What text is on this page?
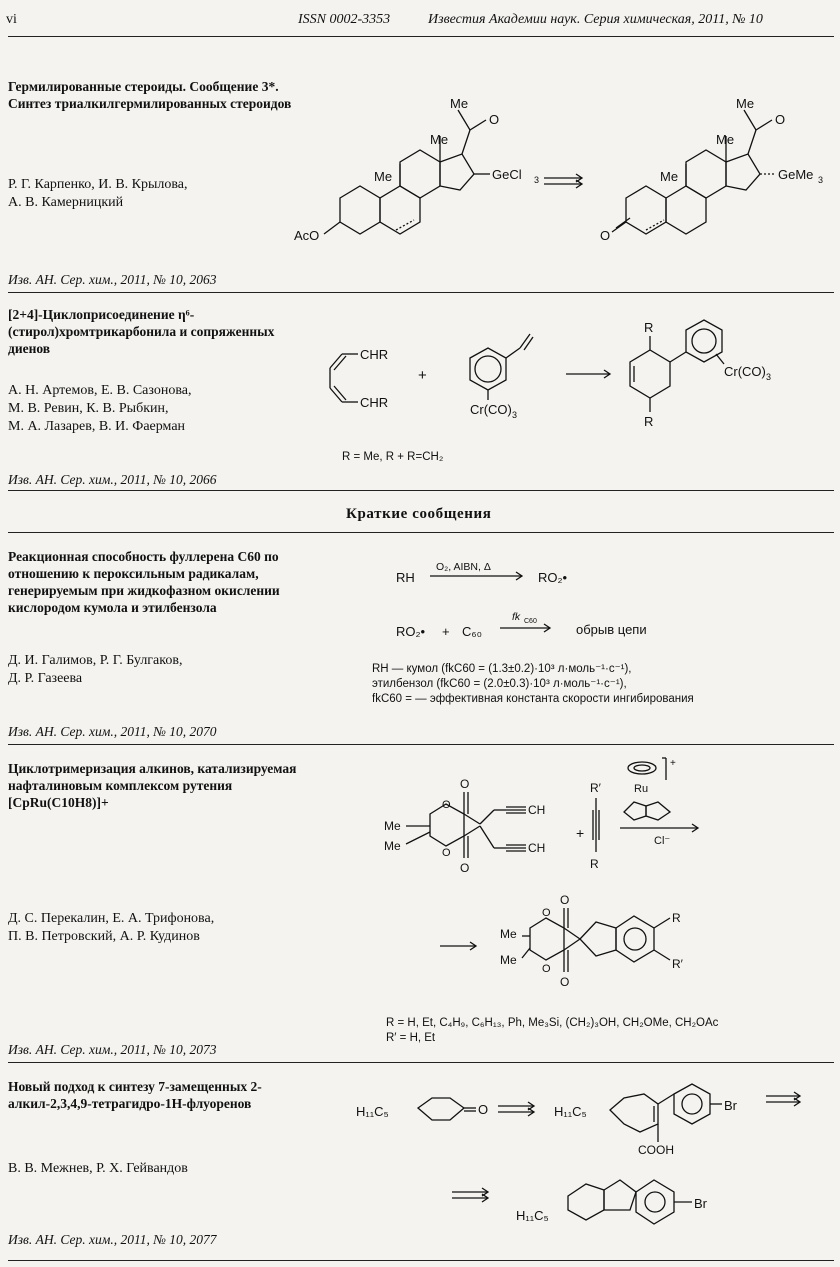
vi	ISSN 0002-3353	Известия Академии наук. Серия химическая, 2011, № 10
Гермилированные стероиды. Сообщение 3*. Синтез триалкилгермилированных стероидов
Р. Г. Карпенко, И. В. Крылова,
А. В. Камерницкий
Изв. АН. Сер. хим., 2011, № 10, 2063
Me
O
Me
Me	GeCl 3
AcO
Me
O
Me
Me	GeMe 3
O
[2+4]-Циклоприсоединение η⁶-(стирол)хромтрикарбонила и сопряженных диенов
А. Н. Артемов, Е. В. Сазонова,
М. В. Ревин, К. В. Рыбкин,
М. А. Лазарев, В. И. Фаерман
Изв. АН. Сер. хим., 2011, № 10, 2066
CHR
CHR
+
Cr(CO) 3
R
R
Cr(CO) 3
R = Me, R + R=CH₂
Краткие сообщения
Реакционная способность фуллерена C60 по отношению к пероксильным радикалам, генерируемым при жидкофазном окислении кислородом кумола и этилбензола
Д. И. Галимов, Р. Г. Булгаков,
Д. Р. Газеева
Изв. АН. Сер. хим., 2011, № 10, 2070
RH
O₂, AIBN, Δ
RO₂•
RO₂• + C₆₀
fk C60
обрыв цепи
RH — кумол (fkC60 = (1.3±0.2)·10³ л·моль⁻¹·с⁻¹),
этилбензол (fkC60 = (2.0±0.3)·10³ л·моль⁻¹·с⁻¹),
fkC60 = — эффективная константа скорости ингибирования
Циклотримеризация алкинов, катализируемая нафталиновым комплексом рутения [CpRu(C10H8)]+
Д. С. Перекалин, Е. А. Трифонова,
П. В. Петровский, А. Р. Кудинов
Изв. АН. Сер. хим., 2011, № 10, 2073
Me
Me
O
O
O
O
CH
CH
+
R′
R
+
Ru
Cl⁻
Me
Me
O
O
O
O
R
R′
R = H, Et, C₄H₉, C₆H₁₃, Ph, Me₃Si, (CH₂)₃OH, CH₂OMe, CH₂OAc
R′ = H, Et
Новый подход к синтезу 7-замещенных 2-алкил-2,3,4,9-тетрагидро-1H-флуоренов
В. В. Межнев, Р. Х. Гейвандов
Изв. АН. Сер. хим., 2011, № 10, 2077
H₁₁C₅	O	H₁₁C₅	Br
COOH
H₁₁C₅
Br
